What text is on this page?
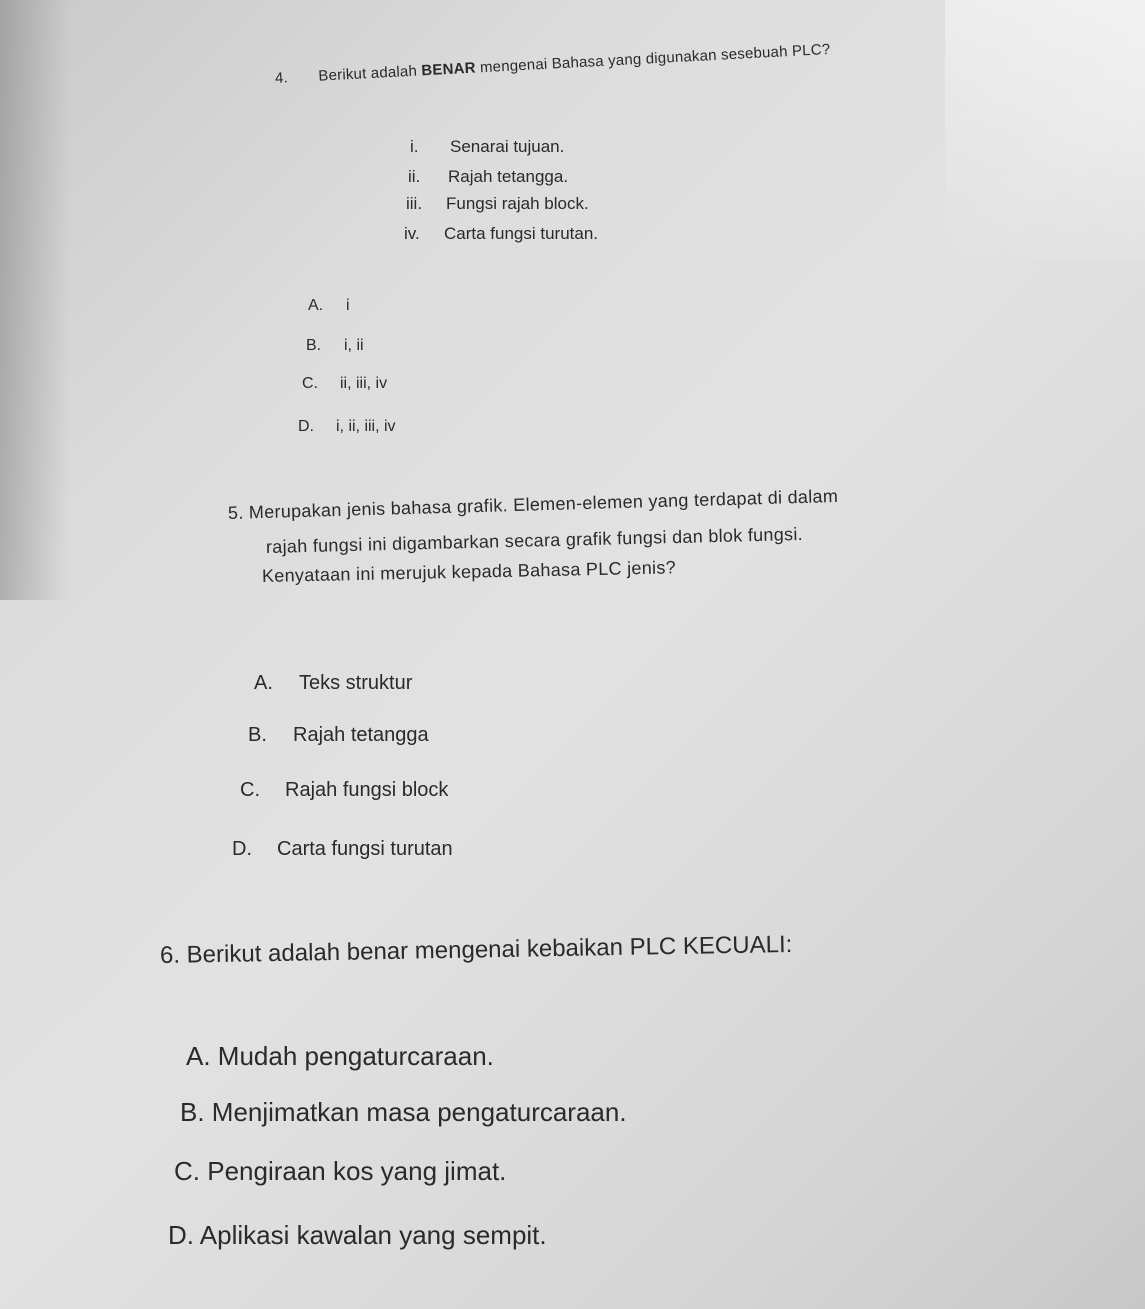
4. Berikut adalah BENAR mengenai Bahasa yang digunakan sesebuah PLC?
i. Senarai tujuan.
ii. Rajah tetangga.
iii. Fungsi rajah block.
iv. Carta fungsi turutan.
A. i
B. i, ii
C. ii, iii, iv
D. i, ii, iii, iv
5. Merupakan jenis bahasa grafik. Elemen-elemen yang terdapat di dalam
rajah fungsi ini digambarkan secara grafik fungsi dan blok fungsi.
Kenyataan ini merujuk kepada Bahasa PLC jenis?
A. Teks struktur
B. Rajah tetangga
C. Rajah fungsi block
D. Carta fungsi turutan
6. Berikut adalah benar mengenai kebaikan PLC KECUALI:
A. Mudah pengaturcaraan.
B. Menjimatkan masa pengaturcaraan.
C. Pengiraan kos yang jimat.
D. Aplikasi kawalan yang sempit.
